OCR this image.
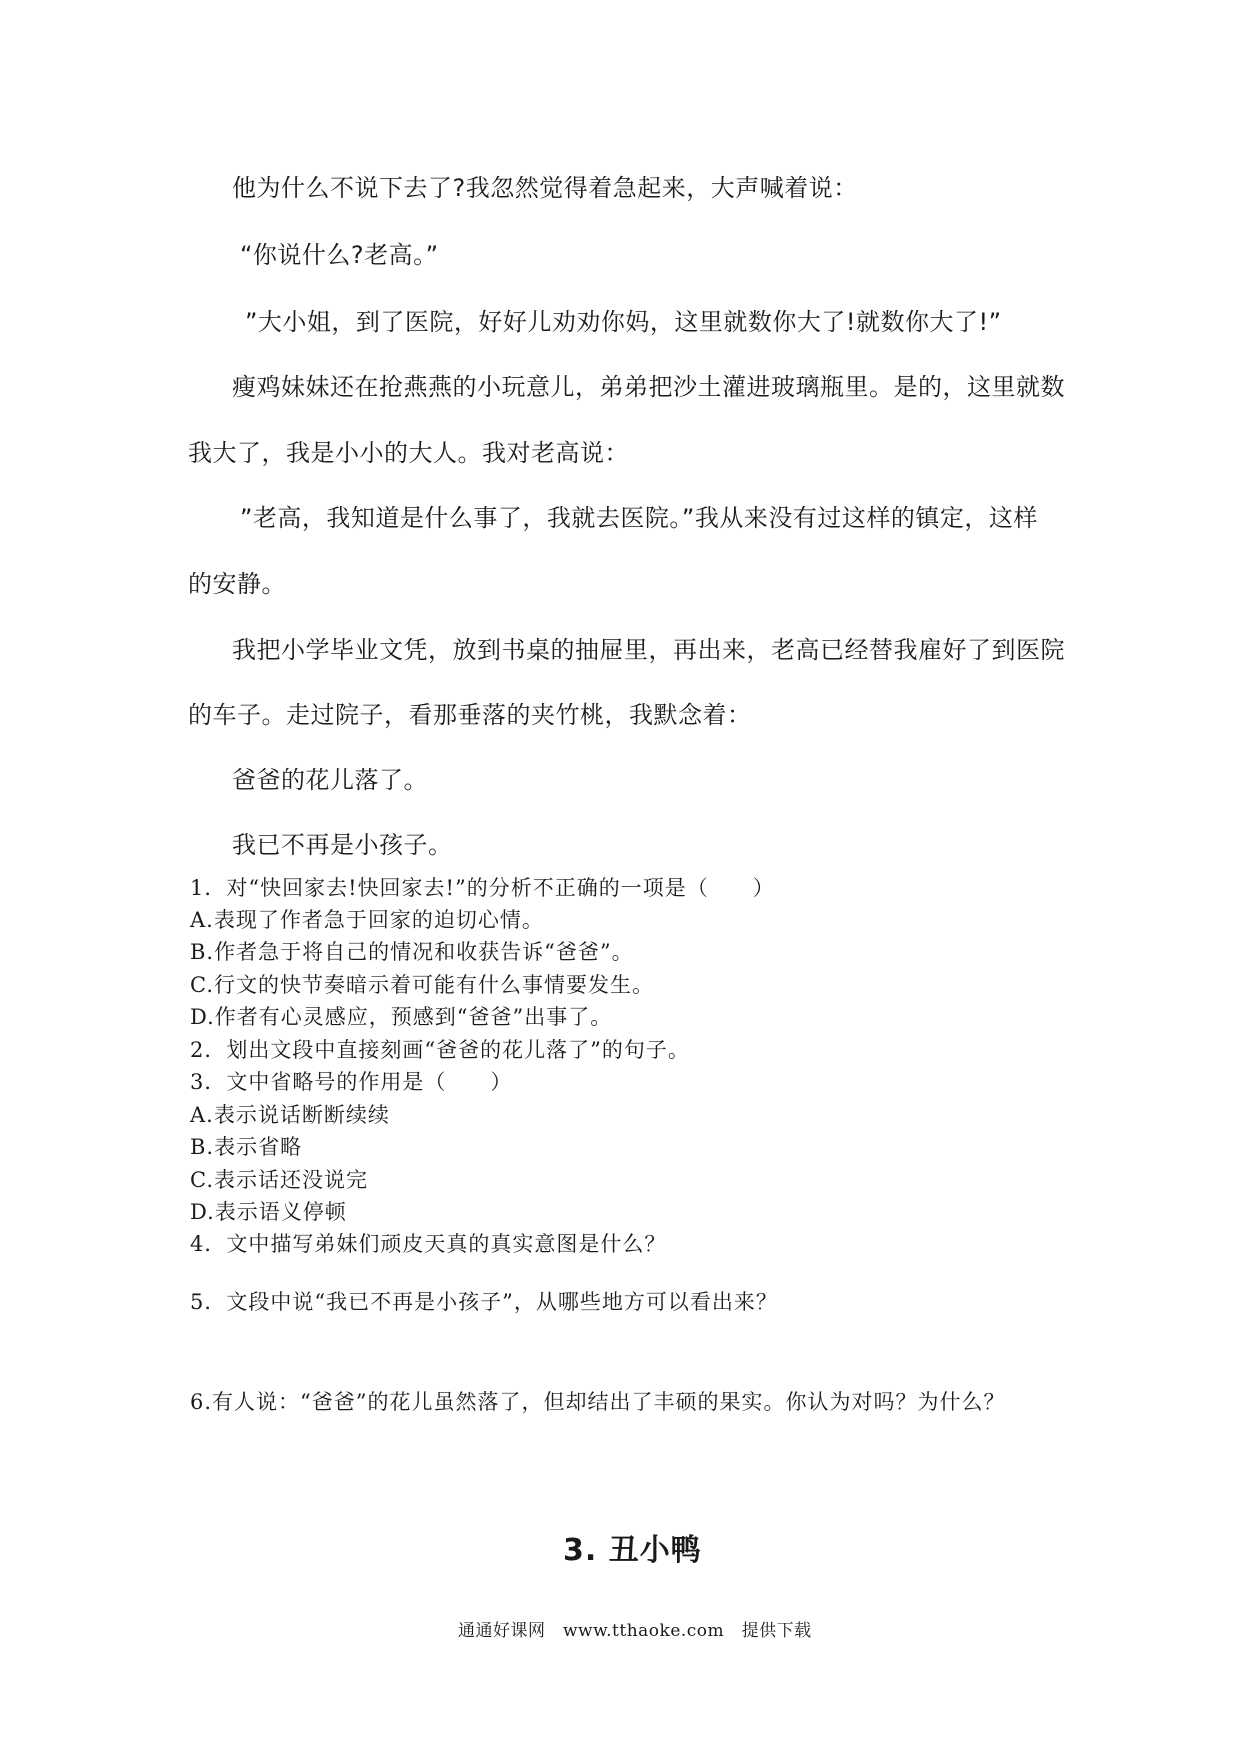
他为什么不说下去了?我忽然觉得着急起来，大声喊着说：
“你说什么?老高。”
”大小姐，到了医院，好好儿劝劝你妈，这里就数你大了!就数你大了!”
瘦鸡妹妹还在抢燕燕的小玩意儿，弟弟把沙土灌进玻璃瓶里。是的，这里就数
我大了，我是小小的大人。我对老高说：
”老高，我知道是什么事了，我就去医院。”我从来没有过这样的镇定，这样
的安静。
我把小学毕业文凭，放到书桌的抽屉里，再出来，老高已经替我雇好了到医院
的车子。走过院子，看那垂落的夹竹桃，我默念着：
爸爸的花儿落了。
我已不再是小孩子。
1．对“快回家去!快回家去!”的分析不正确的一项是（　　）
A.表现了作者急于回家的迫切心情。
B.作者急于将自己的情况和收获告诉“爸爸”。
C.行文的快节奏暗示着可能有什么事情要发生。
D.作者有心灵感应，预感到“爸爸”出事了。
2．划出文段中直接刻画“爸爸的花儿落了”的句子。
3．文中省略号的作用是（　　）
A.表示说话断断续续
B.表示省略
C.表示话还没说完
D.表示语义停顿
4．文中描写弟妹们顽皮天真的真实意图是什么？
5．文段中说“我已不再是小孩子”，从哪些地方可以看出来？
6.有人说：“爸爸”的花儿虽然落了，但却结出了丰硕的果实。你认为对吗？为什么？
3. 丑小鸭
通通好课网　www.tthaoke.com　提供下载
